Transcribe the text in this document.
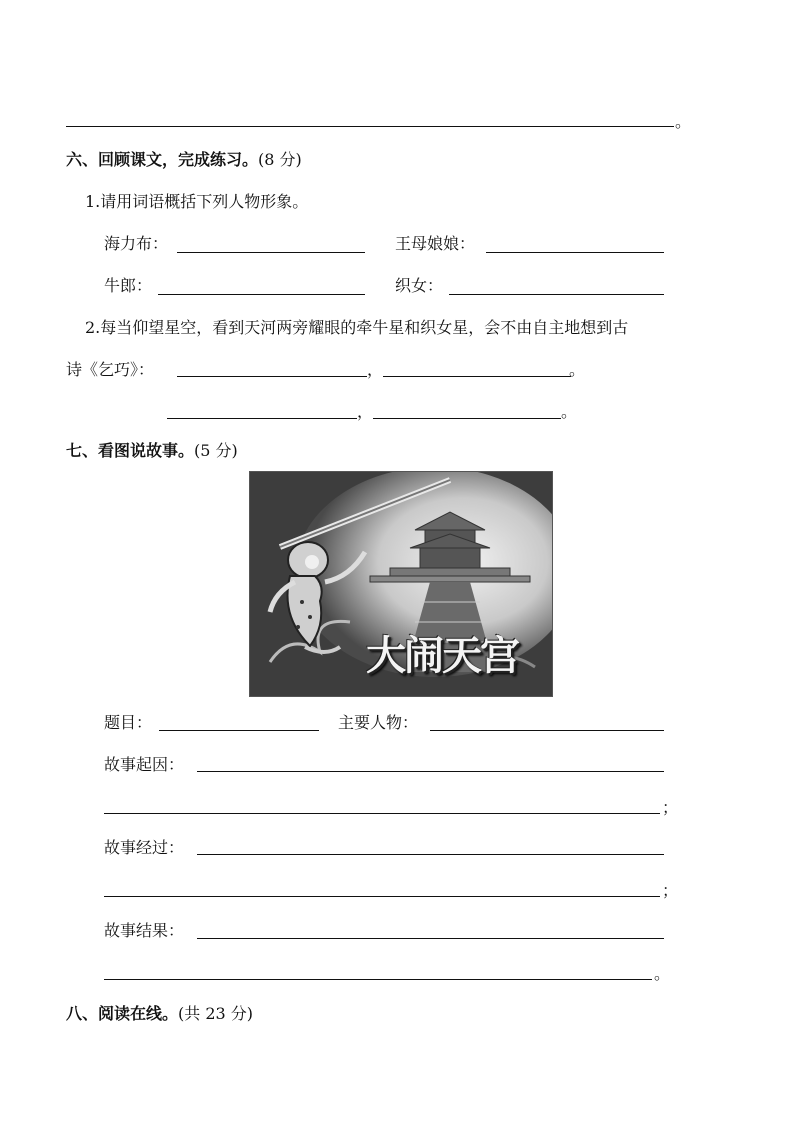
。
六、回顾课文，完成练习。(8 分)
1.请用词语概括下列人物形象。
海力布：	王母娘娘：
牛郎：	织女：
2.每当仰望星空，看到天河两旁耀眼的牵牛星和织女星，会不由自主地想到古
诗《乞巧》：	，	。
，	。
七、看图说故事。(5 分)
大闹天宫
题目：	主要人物：
故事起因：
；
故事经过：
；
故事结果：
。
八、阅读在线。(共 23 分)
